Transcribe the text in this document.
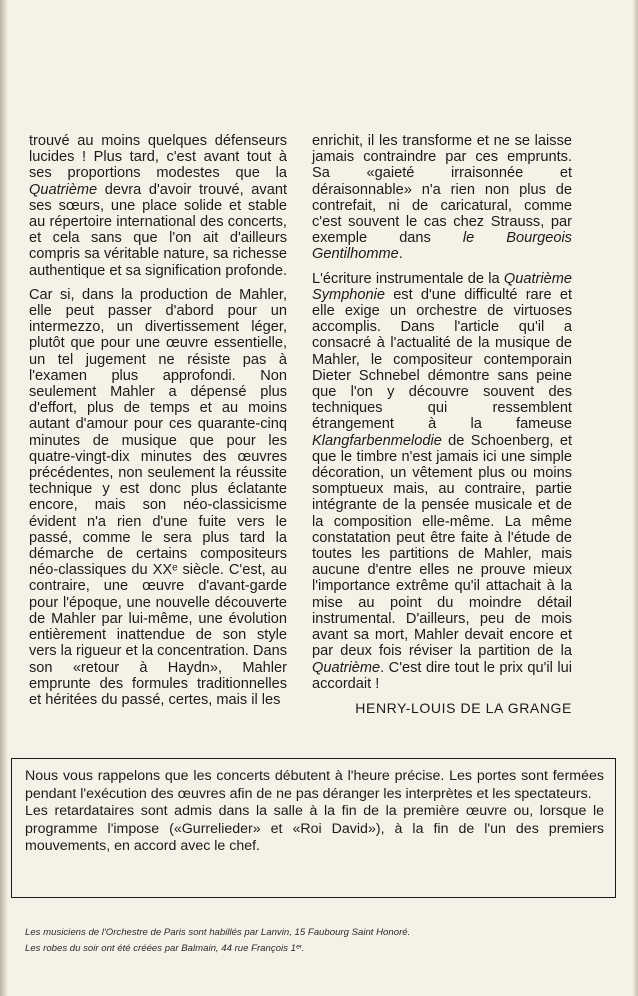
trouvé au moins quelques défenseurs lucides ! Plus tard, c'est avant tout à ses proportions modestes que la Quatrième devra d'avoir trouvé, avant ses sœurs, une place solide et stable au répertoire international des concerts, et cela sans que l'on ait d'ailleurs compris sa véritable nature, sa richesse authentique et sa signification profonde.

Car si, dans la production de Mahler, elle peut passer d'abord pour un intermezzo, un divertissement léger, plutôt que pour une œuvre essentielle, un tel jugement ne résiste pas à l'examen plus approfondi. Non seulement Mahler a dépensé plus d'effort, plus de temps et au moins autant d'amour pour ces quarante-cinq minutes de musique que pour les quatre-vingt-dix minutes des œuvres précédentes, non seulement la réussite technique y est donc plus éclatante encore, mais son néo-classicisme évident n'a rien d'une fuite vers le passé, comme le sera plus tard la démarche de certains compositeurs néo-classiques du XXᵉ siècle. C'est, au contraire, une œuvre d'avant-garde pour l'époque, une nouvelle découverte de Mahler par lui-même, une évolution entièrement inattendue de son style vers la rigueur et la concentration. Dans son «retour à Haydn», Mahler emprunte des formules traditionnelles et héritées du passé, certes, mais il les

enrichit, il les transforme et ne se laisse jamais contraindre par ces emprunts. Sa «gaieté irraisonnée et déraisonnable» n'a rien non plus de contrefait, ni de caricatural, comme c'est souvent le cas chez Strauss, par exemple dans le Bourgeois Gentilhomme.

L'écriture instrumentale de la Quatrième Symphonie est d'une difficulté rare et elle exige un orchestre de virtuoses accomplis. Dans l'article qu'il a consacré à l'actualité de la musique de Mahler, le compositeur contemporain Dieter Schnebel démontre sans peine que l'on y découvre souvent des techniques qui ressemblent étrangement à la fameuse Klangfarbenmelodie de Schoenberg, et que le timbre n'est jamais ici une simple décoration, un vêtement plus ou moins somptueux mais, au contraire, partie intégrante de la pensée musicale et de la composition elle-même. La même constatation peut être faite à l'étude de toutes les partitions de Mahler, mais aucune d'entre elles ne prouve mieux l'importance extrême qu'il attachait à la mise au point du moindre détail instrumental. D'ailleurs, peu de mois avant sa mort, Mahler devait encore et par deux fois réviser la partition de la Quatrième. C'est dire tout le prix qu'il lui accordait !

HENRY-LOUIS DE LA GRANGE

Nous vous rappelons que les concerts débutent à l'heure précise. Les portes sont fermées pendant l'exécution des œuvres afin de ne pas déranger les interprètes et les spectateurs.

Les retardataires sont admis dans la salle à la fin de la première œuvre ou, lorsque le programme l'impose («Gurrelieder» et «Roi David»), à la fin de l'un des premiers mouvements, en accord avec le chef.

Les musiciens de l'Orchestre de Paris sont habillés par Lanvin, 15 Faubourg Saint Honoré.

Les robes du soir ont été créées par Balmain, 44 rue François 1ᵉʳ.
